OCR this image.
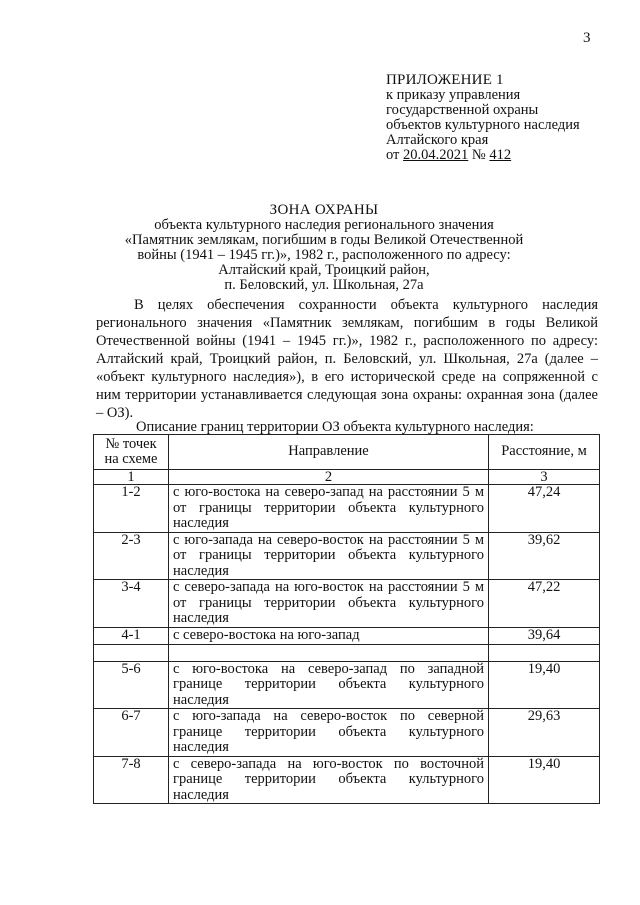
3
ПРИЛОЖЕНИЕ 1
к приказу управления
государственной охраны
объектов культурного наследия
Алтайского края
от 20.04.2021 № 412
ЗОНА ОХРАНЫ
объекта культурного наследия регионального значения
«Памятник землякам, погибшим в годы Великой Отечественной
войны (1941 – 1945 гг.)», 1982 г., расположенного по адресу:
Алтайский край, Троицкий район,
п. Беловский, ул. Школьная, 27а

В целях обеспечения сохранности объекта культурного наследия регионального значения «Памятник землякам, погибшим в годы Великой Отечественной войны (1941 – 1945 гг.)», 1982 г., расположенного по адресу: Алтайский край, Троицкий район, п. Беловский, ул. Школьная, 27а (далее – «объект культурного наследия»), в его исторической среде на сопряженной с ним территории устанавливается следующая зона охраны: охранная зона (далее – ОЗ).

Описание границ территории ОЗ объекта культурного наследия:
№ точек на схеме	Направление	Расстояние, м
1	2	3
1-2	с юго-востока на северо-запад на расстоянии 5 м от границы территории объекта культурного наследия	47,24
2-3	с юго-запада на северо-восток на расстоянии 5 м от границы территории объекта культурного наследия	39,62
3-4	с северо-запада на юго-восток на расстоянии 5 м от границы территории объекта культурного наследия	47,22
4-1	с северо-востока на юго-запад	39,64

5-6	с юго-востока на северо-запад по западной границе территории объекта культурного наследия	19,40
6-7	с юго-запада на северо-восток по северной границе территории объекта культурного наследия	29,63
7-8	с северо-запада на юго-восток по восточной границе территории объекта культурного наследия	19,40
